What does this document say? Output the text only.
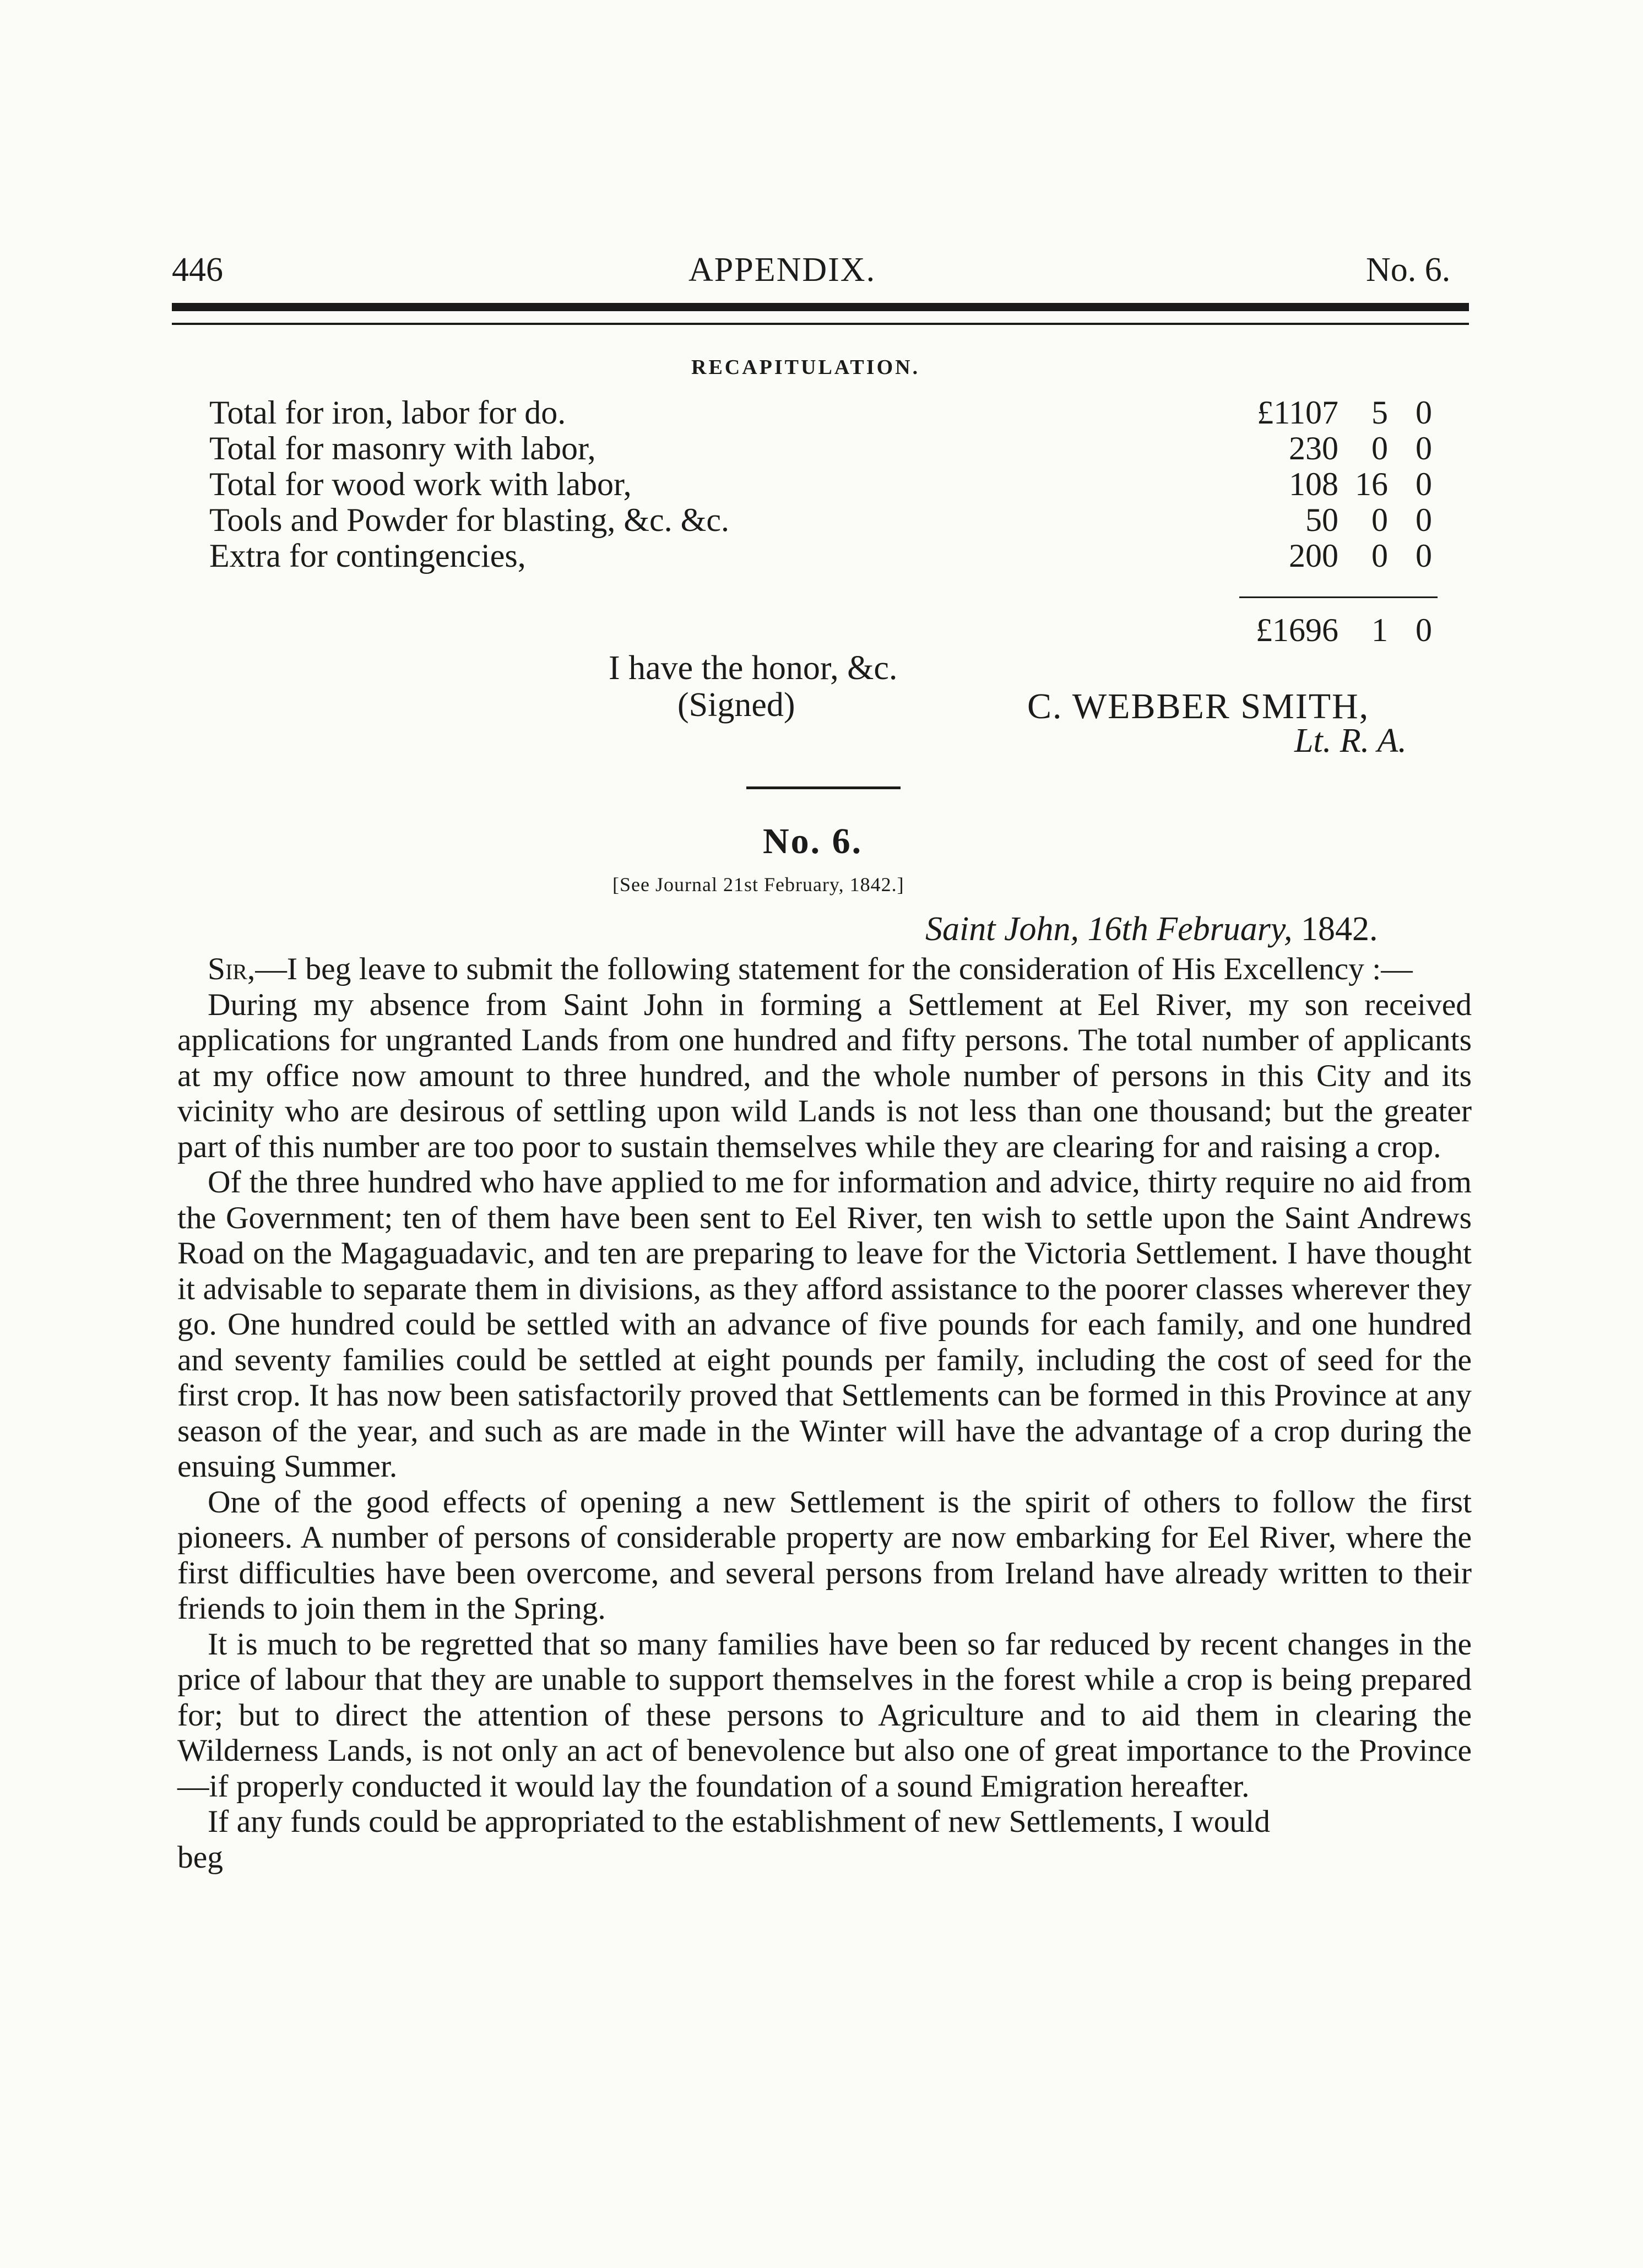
446	APPENDIX.	No. 6.
RECAPITULATION.
Total for iron, labor for do.	£1107	5 0
Total for masonry with labor,	230	0 0
Total for wood work with labor,	108 16 0
Tools and Powder for blasting, &c. &c.	50	0 0
Extra for contingencies,	200	0 0
£1696	1 0
I have the honor, &c.
(Signed)	C. WEBBER SMITH,
Lt. R. A.
No. 6.
[See Journal 21st February, 1842.]
Saint John, 16th February, 1842.

Sir,—I beg leave to submit the following statement for the consideration of His Excellency :—

During my absence from Saint John in forming a Settlement at Eel River, my son received applications for ungranted Lands from one hundred and fifty persons. The total number of applicants at my office now amount to three hundred, and the whole number of persons in this City and its vicinity who are desirous of settling upon wild Lands is not less than one thousand; but the greater part of this number are too poor to sustain themselves while they are clearing for and raising a crop.

Of the three hundred who have applied to me for information and advice, thirty require no aid from the Government; ten of them have been sent to Eel River, ten wish to settle upon the Saint Andrews Road on the Magaguadavic, and ten are preparing to leave for the Victoria Settlement. I have thought it advisable to separate them in divisions, as they afford assistance to the poorer classes wherever they go. One hundred could be settled with an advance of five pounds for each family, and one hundred and seventy families could be settled at eight pounds per family, including the cost of seed for the first crop. It has now been satisfactorily proved that Settlements can be formed in this Province at any season of the year, and such as are made in the Winter will have the advantage of a crop during the ensuing Summer.

One of the good effects of opening a new Settlement is the spirit of others to follow the first pioneers. A number of persons of considerable property are now embarking for Eel River, where the first difficulties have been overcome, and several persons from Ireland have already written to their friends to join them in the Spring.

It is much to be regretted that so many families have been so far reduced by recent changes in the price of labour that they are unable to support themselves in the forest while a crop is being prepared for; but to direct the attention of these persons to Agriculture and to aid them in clearing the Wilderness Lands, is not only an act of benevolence but also one of great importance to the Province—if properly conducted it would lay the foundation of a sound Emigration hereafter.

If any funds could be appropriated to the establishment of new Settlements, I would

beg
